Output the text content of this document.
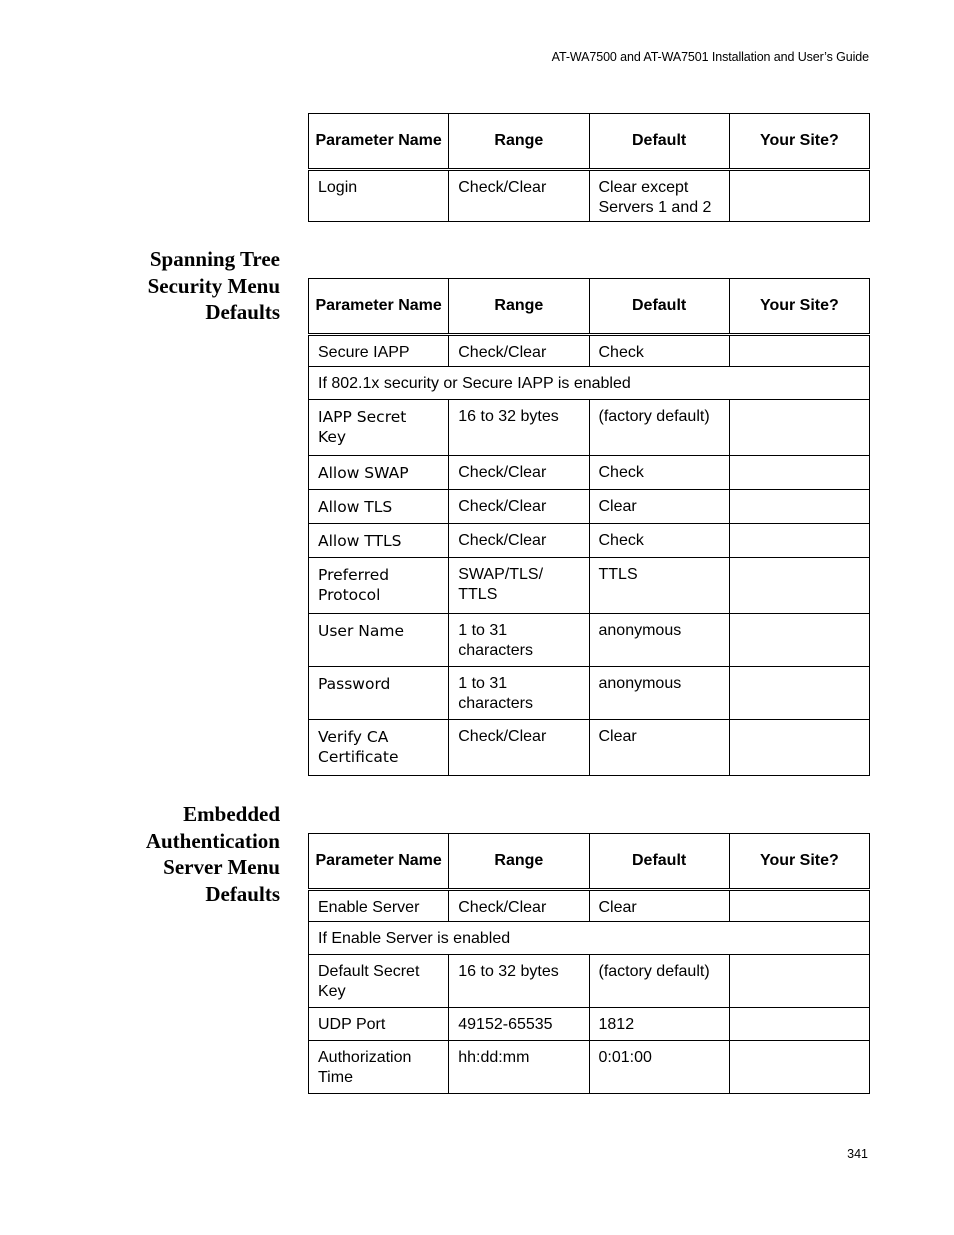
AT-WA7500 and AT-WA7501 Installation and User’s Guide
Parameter Name	Range	Default	Your Site?
Login	Check/Clear	Clear except Servers 1 and 2	
Spanning Tree
Security Menu
Defaults Parameter Name	Range	Default	Your Site?
Secure IAPP	Check/Clear	Check	
If 802.1x security or Secure IAPP is enabled			
IAPP Secret Key	16 to 32 bytes	(factory default)	
Allow SWAP	Check/Clear	Check	
Allow TLS	Check/Clear	Clear	
Allow TTLS	Check/Clear	Check	
Preferred Protocol	SWAP/TLS/ TTLS	TTLS	
User Name	1 to 31 characters	anonymous	
Password	1 to 31 characters	anonymous	
Verify CA Certificate	Check/Clear	Clear	
Embedded
Authentication
Server Menu
Defaults
Parameter Name	Range	Default	Your Site?
Enable Server	Check/Clear	Clear	
If Enable Server is enabled			
Default Secret Key	16 to 32 bytes	(factory default)	
UDP Port	49152-65535	1812	
Authorization Time	hh:dd:mm	0:01:00	
341
